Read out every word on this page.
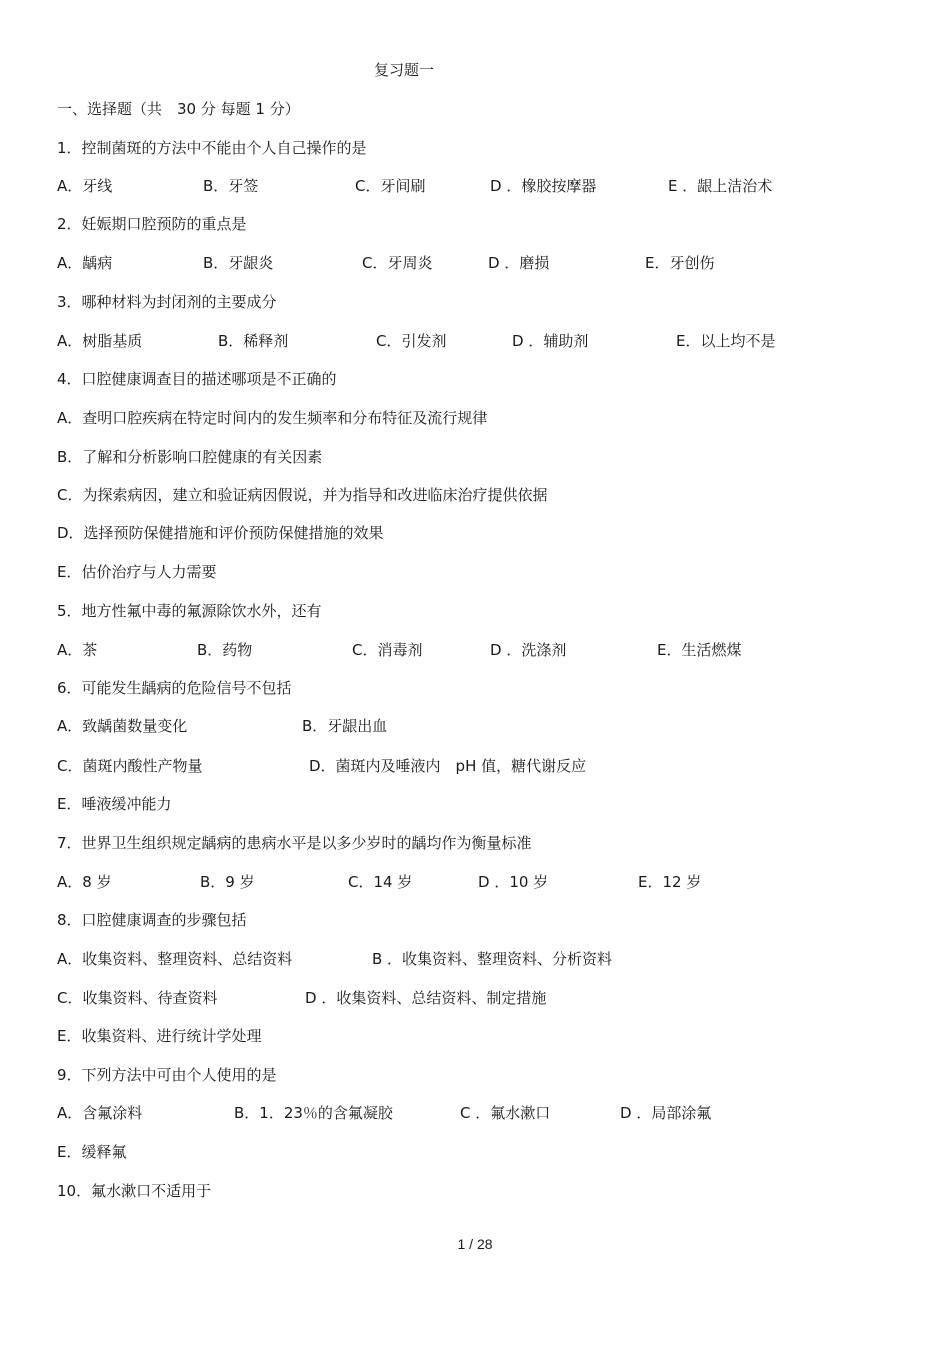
复习题一
一、选择题（共　30 分 每题 1 分）
1．控制菌斑的方法中不能由个人自己操作的是
A．牙线	B．牙签	C．牙间刷	D ．橡胶按摩器	E ．龈上洁治术
2．妊娠期口腔预防的重点是
A．龋病	B．牙龈炎	C．牙周炎	D ．磨损	E．牙创伤
3．哪种材料为封闭剂的主要成分
A．树脂基质	B．稀释剂	C．引发剂	D ．辅助剂	E．以上均不是
4．口腔健康调查目的描述哪项是不正确的
A．查明口腔疾病在特定时间内的发生频率和分布特征及流行规律
B．了解和分析影响口腔健康的有关因素
C．为探索病因，建立和验证病因假说，并为指导和改进临床治疗提供依据
D．选择预防保健措施和评价预防保健措施的效果
E．估价治疗与人力需要
5．地方性氟中毒的氟源除饮水外，还有
A．茶	B．药物	C．消毒剂	D ．洗涤剂	E．生活燃煤
6．可能发生龋病的危险信号不包括
A．致龋菌数量变化	B．牙龈出血
C．菌斑内酸性产物量	D．菌斑内及唾液内　pH 值，糖代谢反应
E．唾液缓冲能力
7．世界卫生组织规定龋病的患病水平是以多少岁时的龋均作为衡量标准
A．8 岁	B．9 岁	C．14 岁	D ．10 岁	E．12 岁
8．口腔健康调查的步骤包括
A．收集资料、整理资料、总结资料	B ．收集资料、整理资料、分析资料
C．收集资料、待查资料	D ．收集资料、总结资料、制定措施
E．收集资料、进行统计学处理
9．下列方法中可由个人使用的是
A．含氟涂料	B．1．23％的含氟凝胶	C ．氟水漱口	D ．局部涂氟
E．缓释氟
10．氟水漱口不适用于
1 / 28
